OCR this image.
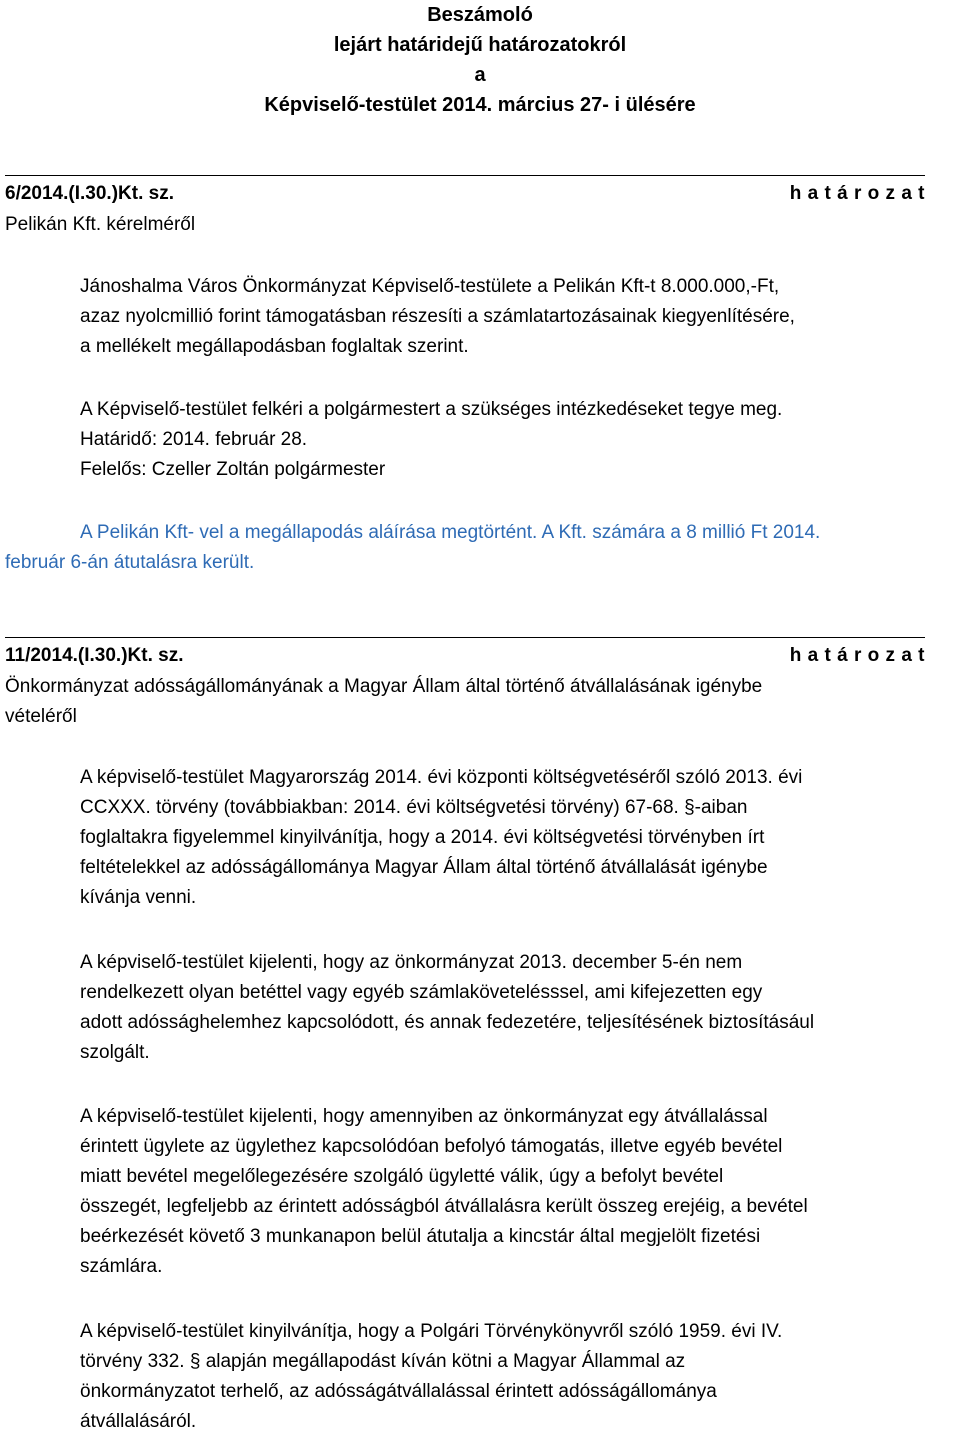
Beszámoló
lejárt határidejű határozatokról
a
Képviselő-testület 2014. március 27- i ülésére
6/2014.(I.30.)Kt. sz.	h a t á r o z a t
Pelikán Kft. kérelméről
Jánoshalma Város Önkormányzat Képviselő-testülete a Pelikán Kft-t 8.000.000,-Ft,
azaz nyolcmillió forint támogatásban részesíti a számlatartozásainak kiegyenlítésére,
a mellékelt megállapodásban foglaltak szerint.
A Képviselő-testület felkéri a polgármestert a szükséges intézkedéseket tegye meg.
Határidő: 2014. február 28.
Felelős: Czeller Zoltán polgármester
A Pelikán Kft- vel a megállapodás aláírása megtörtént. A Kft. számára a 8 millió Ft 2014.
február 6-án átutalásra került.
11/2014.(I.30.)Kt. sz.	h a t á r o z a t
Önkormányzat adósságállományának a Magyar Állam által történő átvállalásának igénybe
vételéről
A képviselő-testület Magyarország 2014. évi központi költségvetéséről szóló 2013. évi
CCXXX. törvény (továbbiakban: 2014. évi költségvetési törvény) 67-68. §-aiban
foglaltakra figyelemmel kinyilvánítja, hogy a 2014. évi költségvetési törvényben írt
feltételekkel az adósságállománya Magyar Állam által történő átvállalását igénybe
kívánja venni.
A képviselő-testület kijelenti, hogy az önkormányzat 2013. december 5-én nem
rendelkezett olyan betéttel vagy egyéb számlakövetelésssel, ami kifejezetten egy
adott adóssághelemhez kapcsolódott, és annak fedezetére, teljesítésének biztosításául
szolgált.
A képviselő-testület kijelenti, hogy amennyiben az önkormányzat egy átvállalással
érintett ügylete az ügylethez kapcsolódóan befolyó támogatás, illetve egyéb bevétel
miatt bevétel megelőlegezésére szolgáló ügyletté válik, úgy a befolyt bevétel
összegét, legfeljebb az érintett adósságból átvállalásra került összeg erejéig, a bevétel
beérkezését követő 3 munkanapon belül átutalja a kincstár által megjelölt fizetési
számlára.
A képviselő-testület kinyilvánítja, hogy a Polgári Törvénykönyvről szóló 1959. évi IV.
törvény 332. § alapján megállapodást kíván kötni a Magyar Állammal az
önkormányzatot terhelő, az adósságátvállalással érintett adósságállománya
átvállalásáról.
